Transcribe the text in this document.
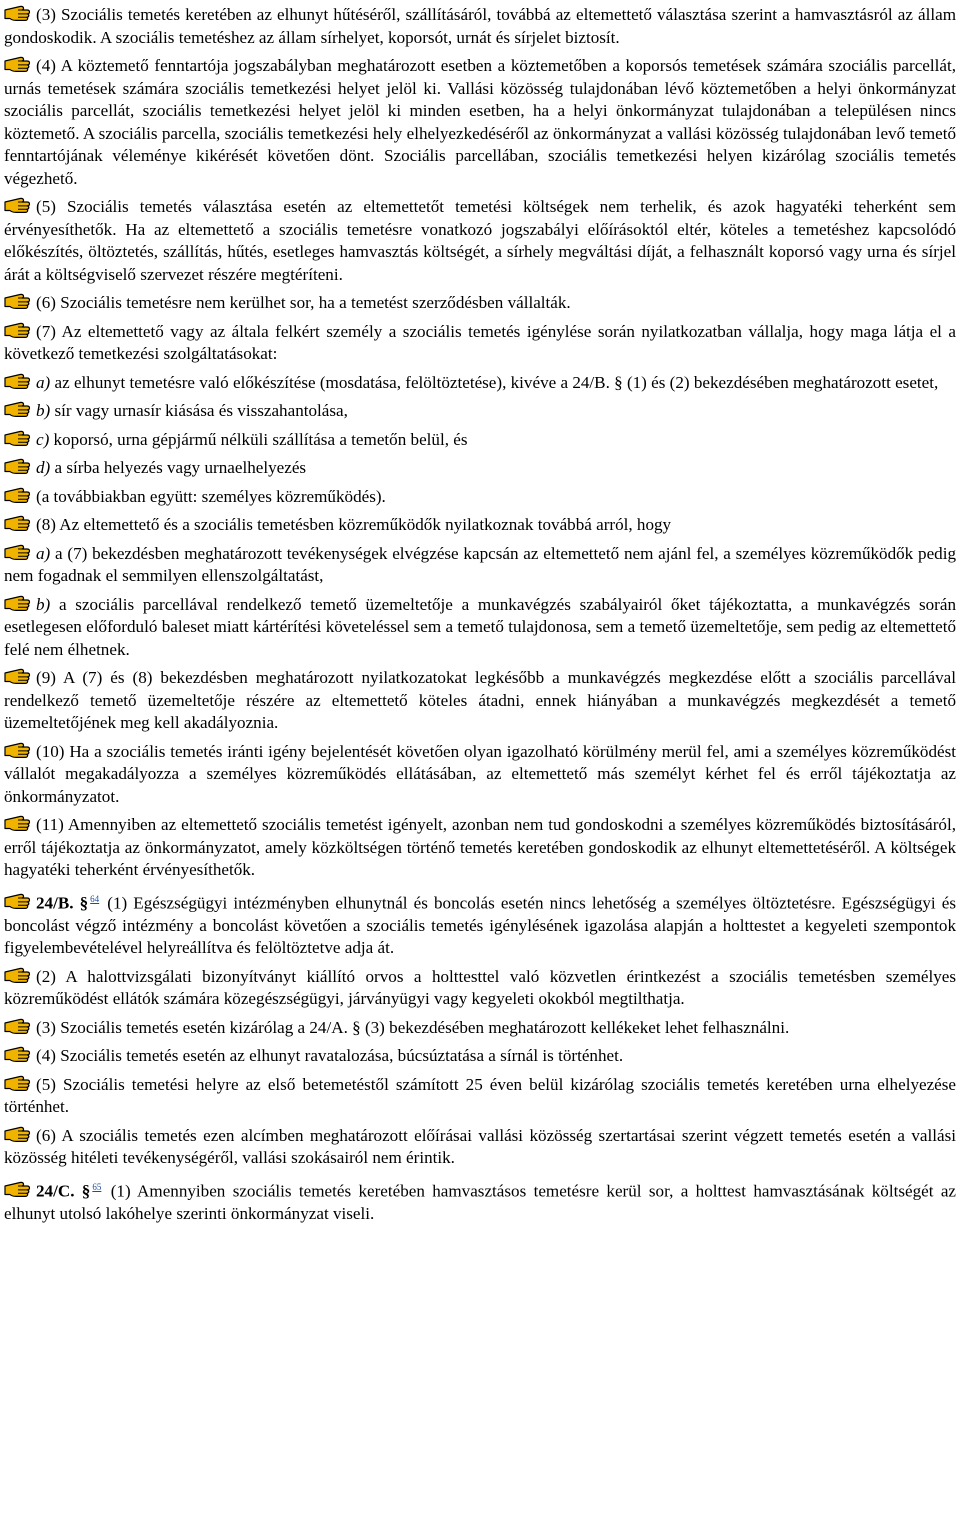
(3) Szociális temetés keretében az elhunyt hűtéséről, szállításáról, továbbá az eltemettető választása szerint a hamvasztásról az állam gondoskodik. A szociális temetéshez az állam sírhelyet, koporsót, urnát és sírjelet biztosít.

(4) A köztemető fenntartója jogszabályban meghatározott esetben a köztemetőben a koporsós temetések számára szociális parcellát, urnás temetések számára szociális temetkezési helyet jelöl ki. Vallási közösség tulajdonában lévő köztemetőben a helyi önkormányzat szociális parcellát, szociális temetkezési helyet jelöl ki minden esetben, ha a helyi önkormányzat tulajdonában a településen nincs köztemető. A szociális parcella, szociális temetkezési hely elhelyezkedéséről az önkormányzat a vallási közösség tulajdonában levő temető fenntartójának véleménye kikérését követően dönt. Szociális parcellában, szociális temetkezési helyen kizárólag szociális temetés végezhető.

(5) Szociális temetés választása esetén az eltemettetőt temetési költségek nem terhelik, és azok hagyatéki teherként sem érvényesíthetők. Ha az eltemettető a szociális temetésre vonatkozó jogszabályi előírásoktól eltér, köteles a temetéshez kapcsolódó előkészítés, öltöztetés, szállítás, hűtés, esetleges hamvasztás költségét, a sírhely megváltási díját, a felhasznált koporsó vagy urna és sírjel árát a költségviselő szervezet részére megtéríteni.

(6) Szociális temetésre nem kerülhet sor, ha a temetést szerződésben vállalták.

(7) Az eltemettető vagy az általa felkért személy a szociális temetés igénylése során nyilatkozatban vállalja, hogy maga látja el a következő temetkezési szolgáltatásokat:

a) az elhunyt temetésre való előkészítése (mosdatása, felöltöztetése), kivéve a 24/B. § (1) és (2) bekezdésében meghatározott esetet,

b) sír vagy urnasír kiásása és visszahantolása,

c) koporsó, urna gépjármű nélküli szállítása a temetőn belül, és

d) a sírba helyezés vagy urnaelhelyezés

(a továbbiakban együtt: személyes közreműködés).

(8) Az eltemettető és a szociális temetésben közreműködők nyilatkoznak továbbá arról, hogy

a) a (7) bekezdésben meghatározott tevékenységek elvégzése kapcsán az eltemettető nem ajánl fel, a személyes közreműködők pedig nem fogadnak el semmilyen ellenszolgáltatást,

b) a szociális parcellával rendelkező temető üzemeltetője a munkavégzés szabályairól őket tájékoztatta, a munkavégzés során esetlegesen előforduló baleset miatt kártérítési követeléssel sem a temető tulajdonosa, sem a temető üzemeltetője, sem pedig az eltemettető felé nem élhetnek.

(9) A (7) és (8) bekezdésben meghatározott nyilatkozatokat legkésőbb a munkavégzés megkezdése előtt a szociális parcellával rendelkező temető üzemeltetője részére az eltemettető köteles átadni, ennek hiányában a munkavégzés megkezdését a temető üzemeltetőjének meg kell akadályoznia.

(10) Ha a szociális temetés iránti igény bejelentését követően olyan igazolható körülmény merül fel, ami a személyes közreműködést vállalót megakadályozza a személyes közreműködés ellátásában, az eltemettető más személyt kérhet fel és erről tájékoztatja az önkormányzatot.

(11) Amennyiben az eltemettető szociális temetést igényelt, azonban nem tud gondoskodni a személyes közreműködés biztosításáról, erről tájékoztatja az önkormányzatot, amely közköltségen történő temetés keretében gondoskodik az elhunyt eltemettetéséről. A költségek hagyatéki teherként érvényesíthetők.

24/B. § $^{64}$ (1) Egészségügyi intézményben elhunytnál és boncolás esetén nincs lehetőség a személyes öltöztetésre. Egészségügyi és boncolást végző intézmény a boncolást követően a szociális temetés igénylésének igazolása alapján a holttestet a kegyeleti szempontok figyelembevételével helyreállítva és felöltöztetve adja át.

(2) A halottvizsgálati bizonyítványt kiállító orvos a holttesttel való közvetlen érintkezést a szociális temetésben személyes közreműködést ellátók számára közegészségügyi, járványügyi vagy kegyeleti okokból megtilthatja.

(3) Szociális temetés esetén kizárólag a 24/A. § (3) bekezdésében meghatározott kellékeket lehet felhasználni.

(4) Szociális temetés esetén az elhunyt ravatalozása, búcsúztatása a sírnál is történhet.

(5) Szociális temetési helyre az első betemetéstől számított 25 éven belül kizárólag szociális temetés keretében urna elhelyezése történhet.

(6) A szociális temetés ezen alcímben meghatározott előírásai vallási közösség szertartásai szerint végzett temetés esetén a vallási közösség hitéleti tevékenységéről, vallási szokásairól nem érintik.

24/C. § $^{65}$ (1) Amennyiben szociális temetés keretében hamvasztásos temetésre kerül sor, a holttest hamvasztásának költségét az elhunyt utolsó lakóhelye szerinti önkormányzat viseli.
